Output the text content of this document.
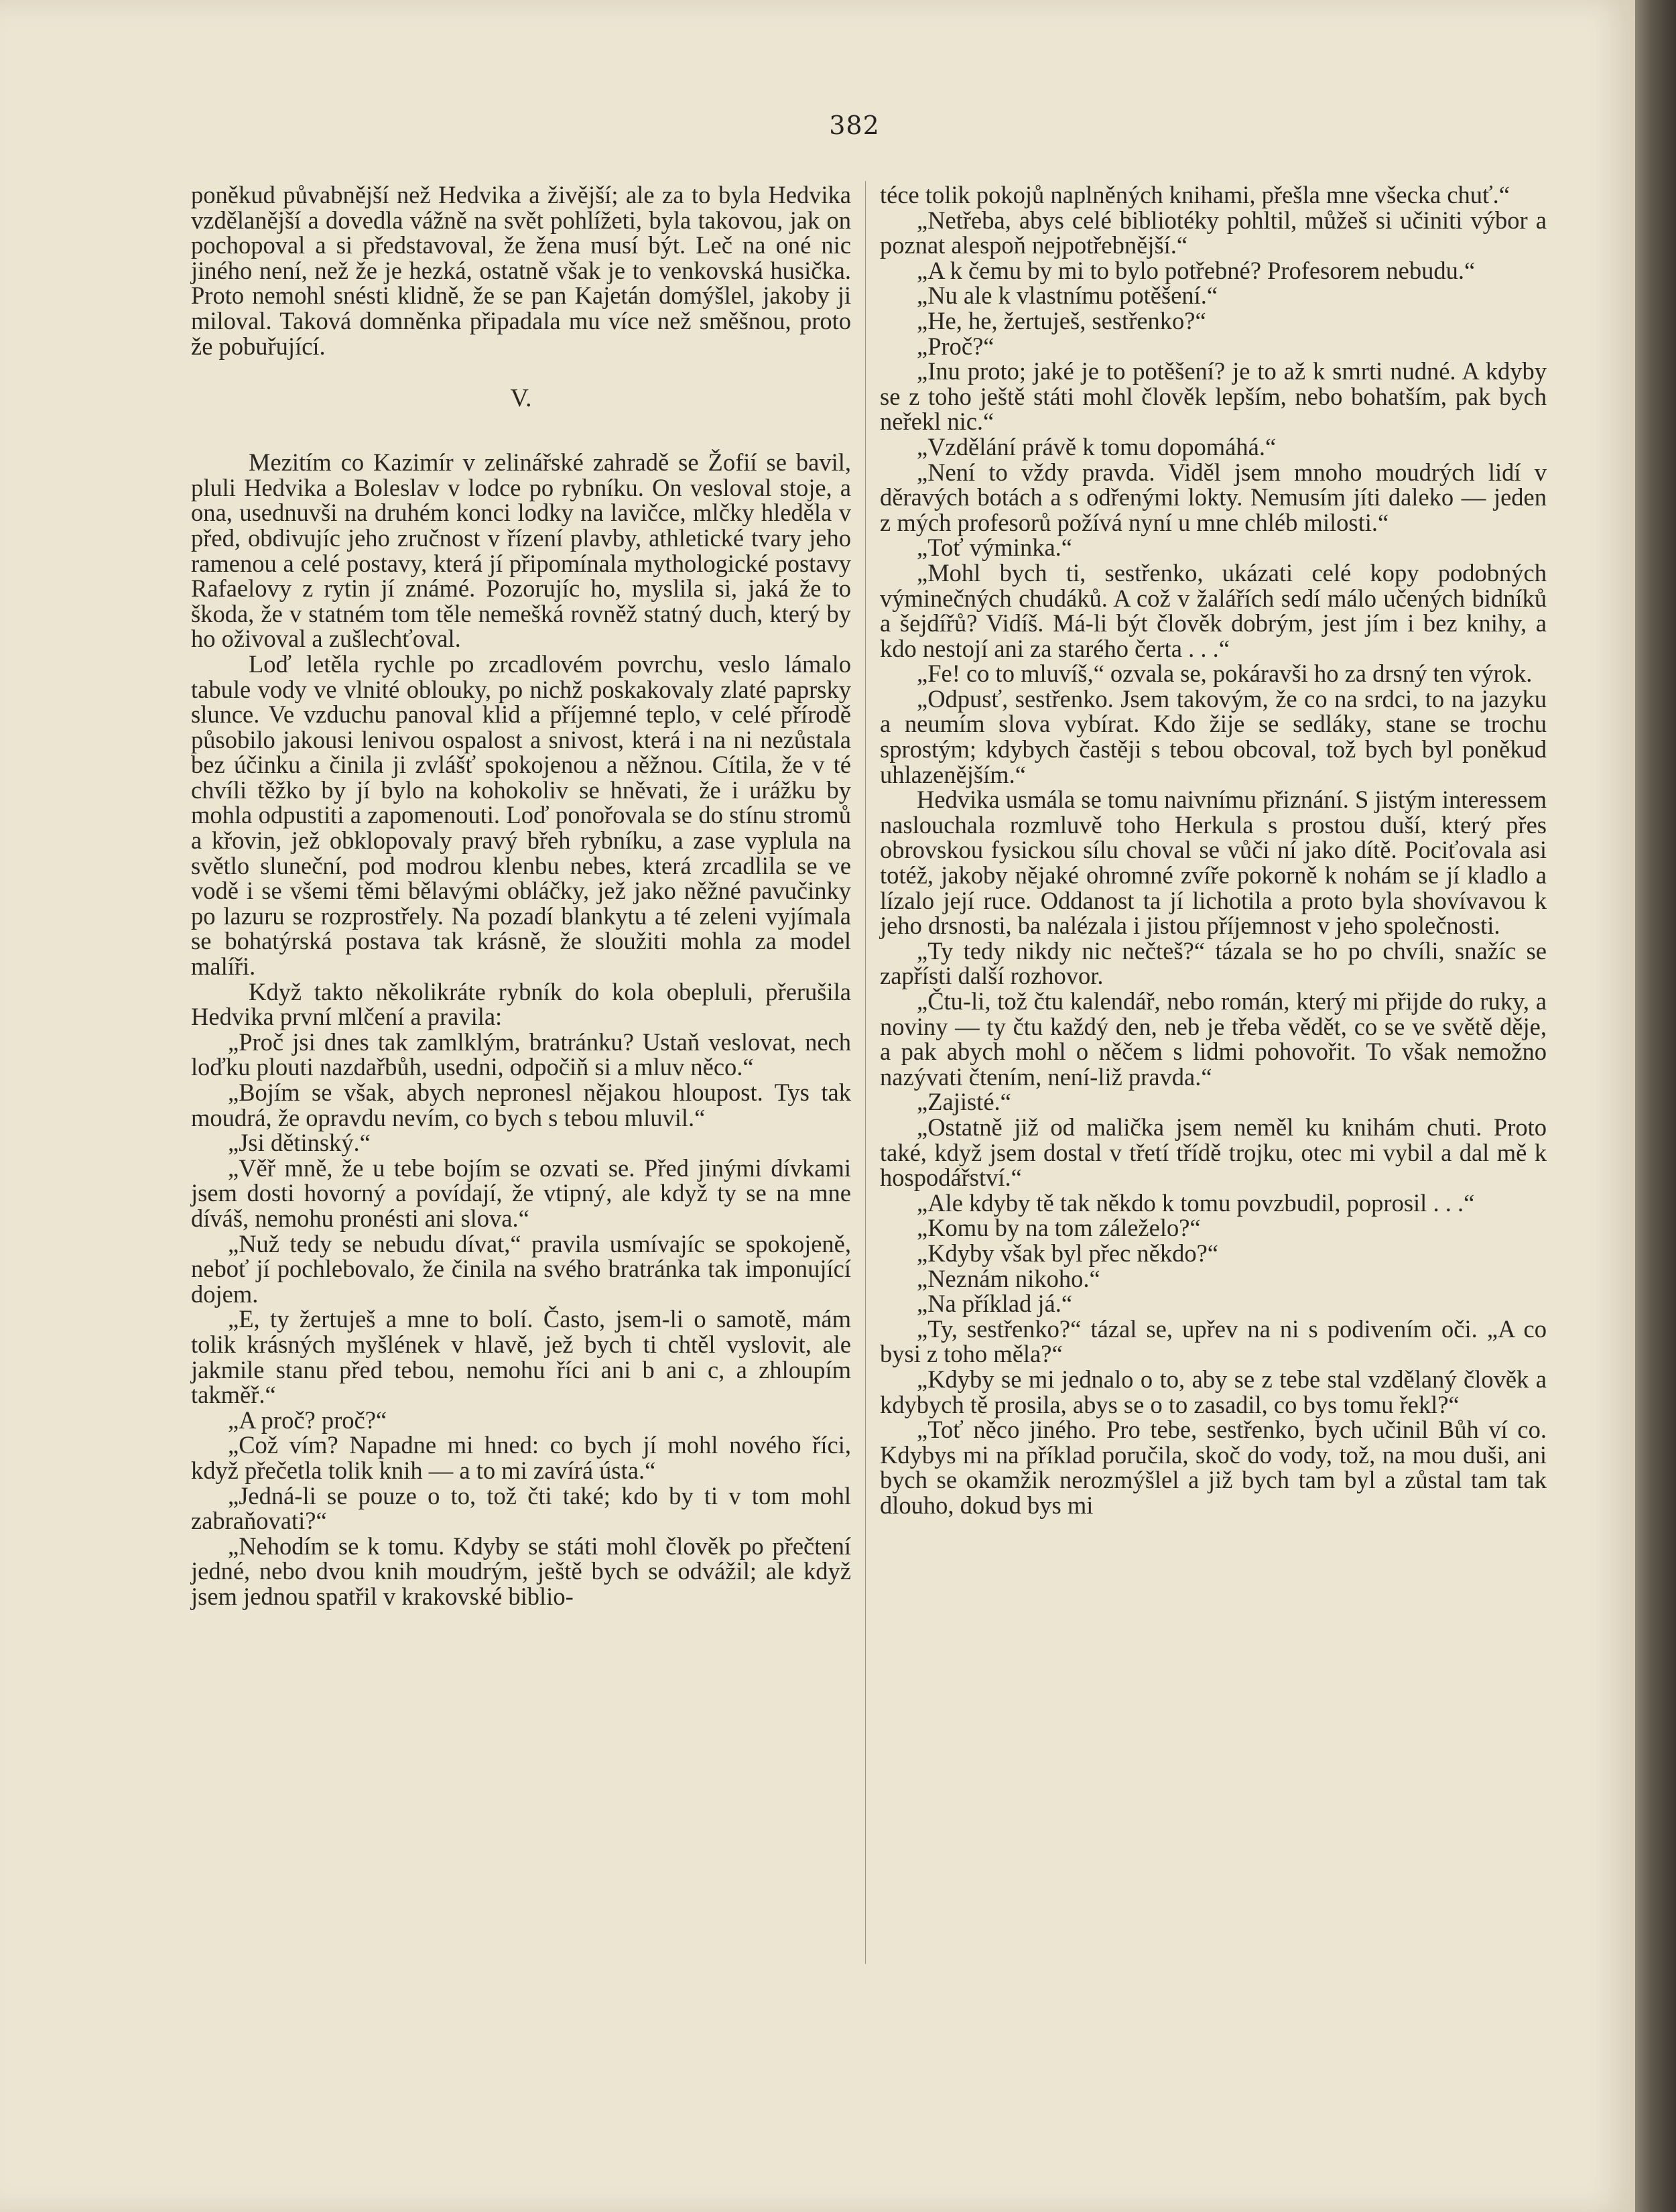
382

poněkud půvabnější než Hedvika a živější; ale za to byla Hedvika vzdělanější a dovedla vážně na svět pohlížeti, byla takovou, jak on pochopoval a si představoval, že žena musí být. Leč na oné nic jiného není, než že je hezká, ostatně však je to venkovská husička. Proto nemohl snésti klidně, že se pan Kajetán domýšlel, jakoby ji miloval. Taková domněnka připadala mu více než směšnou, proto že pobuřující.

V.

Mezitím co Kazimír v zelinářské zahradě se Žofií se bavil, pluli Hedvika a Boleslav v lodce po rybníku. On vesloval stoje, a ona, usednuvši na druhém konci lodky na lavičce, mlčky hleděla v před, obdivujíc jeho zručnost v řízení plavby, athletické tvary jeho ramenou a celé postavy, která jí připomínala mythologické postavy Rafaelovy z rytin jí známé. Pozorujíc ho, myslila si, jaká že to škoda, že v statném tom těle nemešká rovněž statný duch, který by ho oživoval a zušlechťoval.

Loď letěla rychle po zrcadlovém povrchu, veslo lámalo tabule vody ve vlnité oblouky, po nichž poskakovaly zlaté paprsky slunce. Ve vzduchu panoval klid a příjemné teplo, v celé přírodě působilo jakousi lenivou ospalost a snivost, která i na ni nezůstala bez účinku a činila ji zvlášť spokojenou a něžnou. Cítila, že v té chvíli těžko by jí bylo na kohokoliv se hněvati, že i urážku by mohla odpustiti a zapomenouti. Loď ponořovala se do stínu stromů a křovin, jež obklopovaly pravý břeh rybníku, a zase vyplula na světlo sluneční, pod modrou klenbu nebes, která zrcadlila se ve vodě i se všemi těmi bělavými obláčky, jež jako něžné pavučinky po lazuru se rozprostřely. Na pozadí blankytu a té zeleni vyjímala se bohatýrská postava tak krásně, že sloužiti mohla za model malíři.

Když takto několikráte rybník do kola obepluli, přerušila Hedvika první mlčení a pravila:

„Proč jsi dnes tak zamlklým, bratránku? Ustaň veslovat, nech loďku plouti nazdařbůh, usedni, odpočiň si a mluv něco.“

„Bojím se však, abych nepronesl nějakou hloupost. Tys tak moudrá, že opravdu nevím, co bych s tebou mluvil.“

„Jsi dětinský.“

„Věř mně, že u tebe bojím se ozvati se. Před jinými dívkami jsem dosti hovorný a povídají, že vtipný, ale když ty se na mne díváš, nemohu pronésti ani slova.“

„Nuž tedy se nebudu dívat,“ pravila usmívajíc se spokojeně, neboť jí pochlebovalo, že činila na svého bratránka tak imponující dojem.

„E, ty žertuješ a mne to bolí. Často, jsem-li o samotě, mám tolik krásných myšlének v hlavě, jež bych ti chtěl vyslovit, ale jakmile stanu před tebou, nemohu říci ani b ani c, a zhloupím takměř.“

„A proč? proč?“

„Což vím? Napadne mi hned: co bych jí mohl nového říci, když přečetla tolik knih — a to mi zavírá ústa.“

„Jedná-li se pouze o to, tož čti také; kdo by ti v tom mohl zabraňovati?“

„Nehodím se k tomu. Kdyby se státi mohl člověk po přečtení jedné, nebo dvou knih moudrým, ještě bych se odvážil; ale když jsem jednou spatřil v krakovské biblio-

téce tolik pokojů naplněných knihami, přešla mne všecka chuť.“

„Netřeba, abys celé bibliotéky pohltil, můžeš si učiniti výbor a poznat alespoň nejpotřebnější.“

„A k čemu by mi to bylo potřebné? Profesorem nebudu.“

„Nu ale k vlastnímu potěšení.“

„He, he, žertuješ, sestřenko?“

„Proč?“

„Inu proto; jaké je to potěšení? je to až k smrti nudné. A kdyby se z toho ještě státi mohl člověk lepším, nebo bohatším, pak bych neřekl nic.“

„Vzdělání právě k tomu dopomáhá.“

„Není to vždy pravda. Viděl jsem mnoho moudrých lidí v děravých botách a s odřenými lokty. Nemusím jíti daleko — jeden z mých profesorů požívá nyní u mne chléb milosti.“

„Toť výminka.“

„Mohl bych ti, sestřenko, ukázati celé kopy podobných výminečných chudáků. A což v žalářích sedí málo učených bidníků a šejdířů? Vidíš. Má-li být člověk dobrým, jest jím i bez knihy, a kdo nestojí ani za starého čerta . . .“

„Fe! co to mluvíš,“ ozvala se, pokáravši ho za drsný ten výrok.

„Odpusť, sestřenko. Jsem takovým, že co na srdci, to na jazyku a neumím slova vybírat. Kdo žije se sedláky, stane se trochu sprostým; kdybych častěji s tebou obcoval, tož bych byl poněkud uhlazenějším.“

Hedvika usmála se tomu naivnímu přiznání. S jistým interessem naslouchala rozmluvě toho Herkula s prostou duší, který přes obrovskou fysickou sílu choval se vůči ní jako dítě. Pociťovala asi totéž, jakoby nějaké ohromné zvíře pokorně k nohám se jí kladlo a lízalo její ruce. Oddanost ta jí lichotila a proto byla shovívavou k jeho drsnosti, ba nalézala i jistou příjemnost v jeho společnosti.

„Ty tedy nikdy nic nečteš?“ tázala se ho po chvíli, snažíc se zapřísti další rozhovor.

„Čtu-li, tož čtu kalendář, nebo román, který mi přijde do ruky, a noviny — ty čtu každý den, neb je třeba vědět, co se ve světě děje, a pak abych mohl o něčem s lidmi pohovořit. To však nemožno nazývati čtením, není-liž pravda.“

„Zajisté.“

„Ostatně již od malička jsem neměl ku knihám chuti. Proto také, když jsem dostal v třetí třídě trojku, otec mi vybil a dal mě k hospodářství.“

„Ale kdyby tě tak někdo k tomu povzbudil, poprosil . . .“

„Komu by na tom záleželo?“

„Kdyby však byl přec někdo?“

„Neznám nikoho.“

„Na příklad já.“

„Ty, sestřenko?“ tázal se, upřev na ni s podivením oči. „A co bysi z toho měla?“

„Kdyby se mi jednalo o to, aby se z tebe stal vzdělaný člověk a kdybych tě prosila, abys se o to zasadil, co bys tomu řekl?“

„Toť něco jiného. Pro tebe, sestřenko, bych učinil Bůh ví co. Kdybys mi na příklad poručila, skoč do vody, tož, na mou duši, ani bych se okamžik nerozmýšlel a již bych tam byl a zůstal tam tak dlouho, dokud bys mi
